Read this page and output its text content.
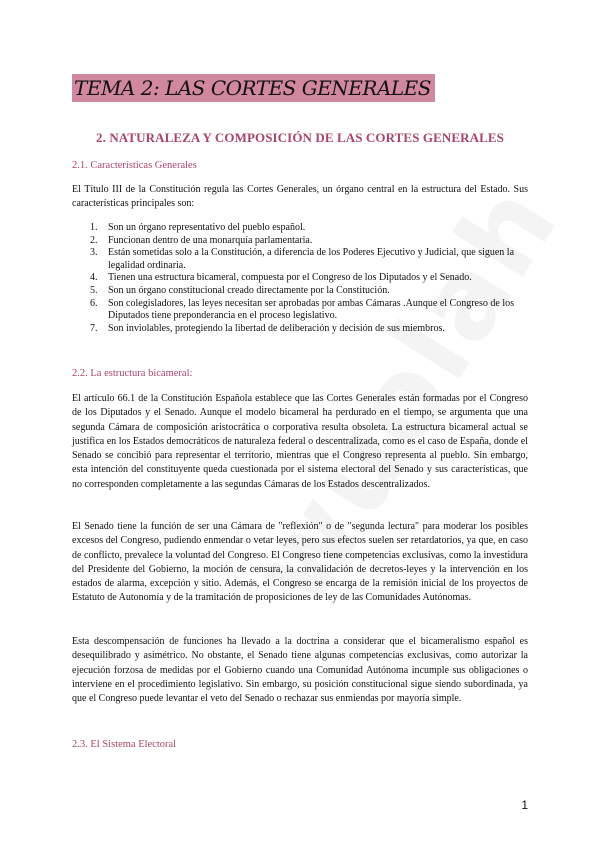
TEMA 2: LAS CORTES GENERALES
2. NATURALEZA Y COMPOSICIÓN DE LAS CORTES GENERALES
2.1. Características Generales

El Título III de la Constitución regula las Cortes Generales, un órgano central en la estructura del Estado. Sus características principales son:

1. Son un órgano representativo del pueblo español.
2. Funcionan dentro de una monarquía parlamentaria.
3. Están sometidas solo a la Constitución, a diferencia de los Poderes Ejecutivo y Judicial, que siguen la legalidad ordinaria.
4. Tienen una estructura bicameral, compuesta por el Congreso de los Diputados y el Senado.
5. Son un órgano constitucional creado directamente por la Constitución.
6. Son colegisladores, las leyes necesitan ser aprobadas por ambas Cámaras .Aunque el Congreso de los Diputados tiene preponderancia en el proceso legislativo.
7. Son inviolables, protegiendo la libertad de deliberación y decisión de sus miembros.
2.2. La estructura bicameral:

El artículo 66.1 de la Constitución Española establece que las Cortes Generales están formadas por el Congreso de los Diputados y el Senado. Aunque el modelo bicameral ha perdurado en el tiempo, se argumenta que una segunda Cámara de composición aristocrática o corporativa resulta obsoleta. La estructura bicameral actual se justifica en los Estados democráticos de naturaleza federal o descentralizada, como es el caso de España, donde el Senado se concibió para representar el territorio, mientras que el Congreso representa al pueblo. Sin embargo, esta intención del constituyente queda cuestionada por el sistema electoral del Senado y sus características, que no corresponden completamente a las segundas Cámaras de los Estados descentralizados.

El Senado tiene la función de ser una Cámara de "reflexión" o de "segunda lectura" para moderar los posibles excesos del Congreso, pudiendo enmendar o vetar leyes, pero sus efectos suelen ser retardatorios, ya que, en caso de conflicto, prevalece la voluntad del Congreso. El Congreso tiene competencias exclusivas, como la investidura del Presidente del Gobierno, la moción de censura, la convalidación de decretos-leyes y la intervención en los estados de alarma, excepción y sitio. Además, el Congreso se encarga de la remisión inicial de los proyectos de Estatuto de Autonomía y de la tramitación de proposiciones de ley de las Comunidades Autónomas.

Esta descompensación de funciones ha llevado a la doctrina a considerar que el bicameralismo español es desequilibrado y asimétrico. No obstante, el Senado tiene algunas competencias exclusivas, como autorizar la ejecución forzosa de medidas por el Gobierno cuando una Comunidad Autónoma incumple sus obligaciones o interviene en el procedimiento legislativo. Sin embargo, su posición constitucional sigue siendo subordinada, ya que el Congreso puede levantar el veto del Senado o rechazar sus enmiendas por mayoría simple.

2.3. El Sistema Electoral
1
